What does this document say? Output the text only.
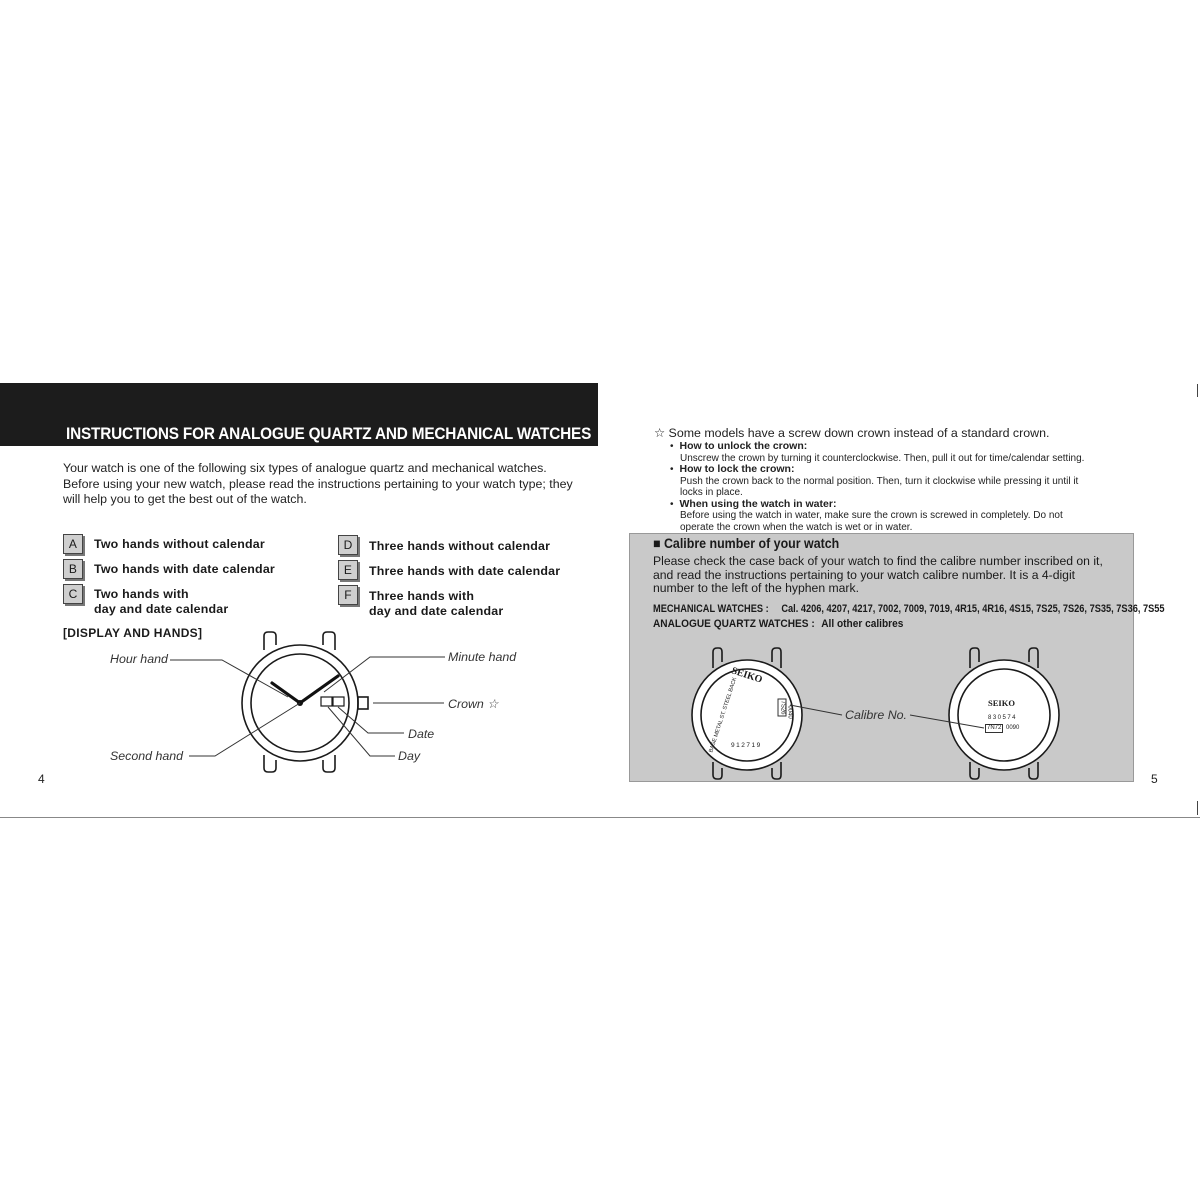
INSTRUCTIONS FOR ANALOGUE QUARTZ AND MECHANICAL WATCHES
Your watch is one of the following six types of analogue quartz and mechanical watches.
Before using your new watch, please read the instructions pertaining to your watch type; they
will help you to get the best out of the watch.
A	Two hands without calendar
B	Two hands with date calendar
C	Two hands with
day and date calendar
D	Three hands without calendar
E	Three hands with date calendar
F	Three hands with
day and date calendar
[DISPLAY AND HANDS]
Hour hand	Minute hand
Crown ☆
Date
Second hand	Day
4
☆ Some models have a screw down crown instead of a standard crown.
• How to unlock the crown:
Unscrew the crown by turning it counterclockwise. Then, pull it out for time/calendar setting.
• How to lock the crown:
Push the crown back to the normal position. Then, turn it clockwise while pressing it until it
locks in place.
• When using the watch in water:
Before using the watch in water, make sure the crown is screwed in completely. Do not
operate the crown when the watch is wet or in water.
■ Calibre number of your watch
Please check the case back of your watch to find the calibre number inscribed on it,
and read the instructions pertaining to your watch calibre number. It is a 4-digit
number to the left of the hyphen mark.
MECHANICAL WATCHES : Cal. 4206, 4207, 4217, 7002, 7009, 7019, 4R15, 4R16, 4S15, 7S25, 7S26, 7S35, 7S36, 7S55
ANALOGUE QUARTZ WATCHES : All other calibres
SEIKO
BASE METAL ST. STEEL BACK	7S26 0040
912719
Calibre No.
SEIKO
830574
7N72 0090
5
